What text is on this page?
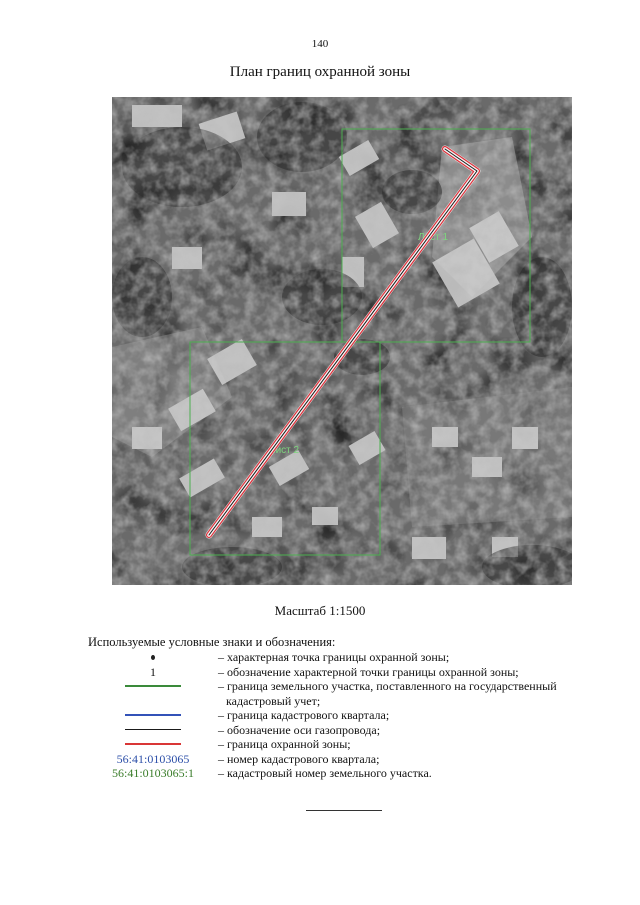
140
План границ охранной зоны
Лист 1
Лист 2
Масштаб 1:1500
Используемые условные знаки и обозначения:
– характерная точка границы охранной зоны;
1	– обозначение характерной точки границы охранной зоны;
– граница земельного участка, поставленного на государственный
кадастровый учет;
– граница кадастрового квартала;
– обозначение оси газопровода;
– граница охранной зоны;
56:41:0103065 – номер кадастрового квартала;
56:41:0103065:1 – кадастровый номер земельного участка.
